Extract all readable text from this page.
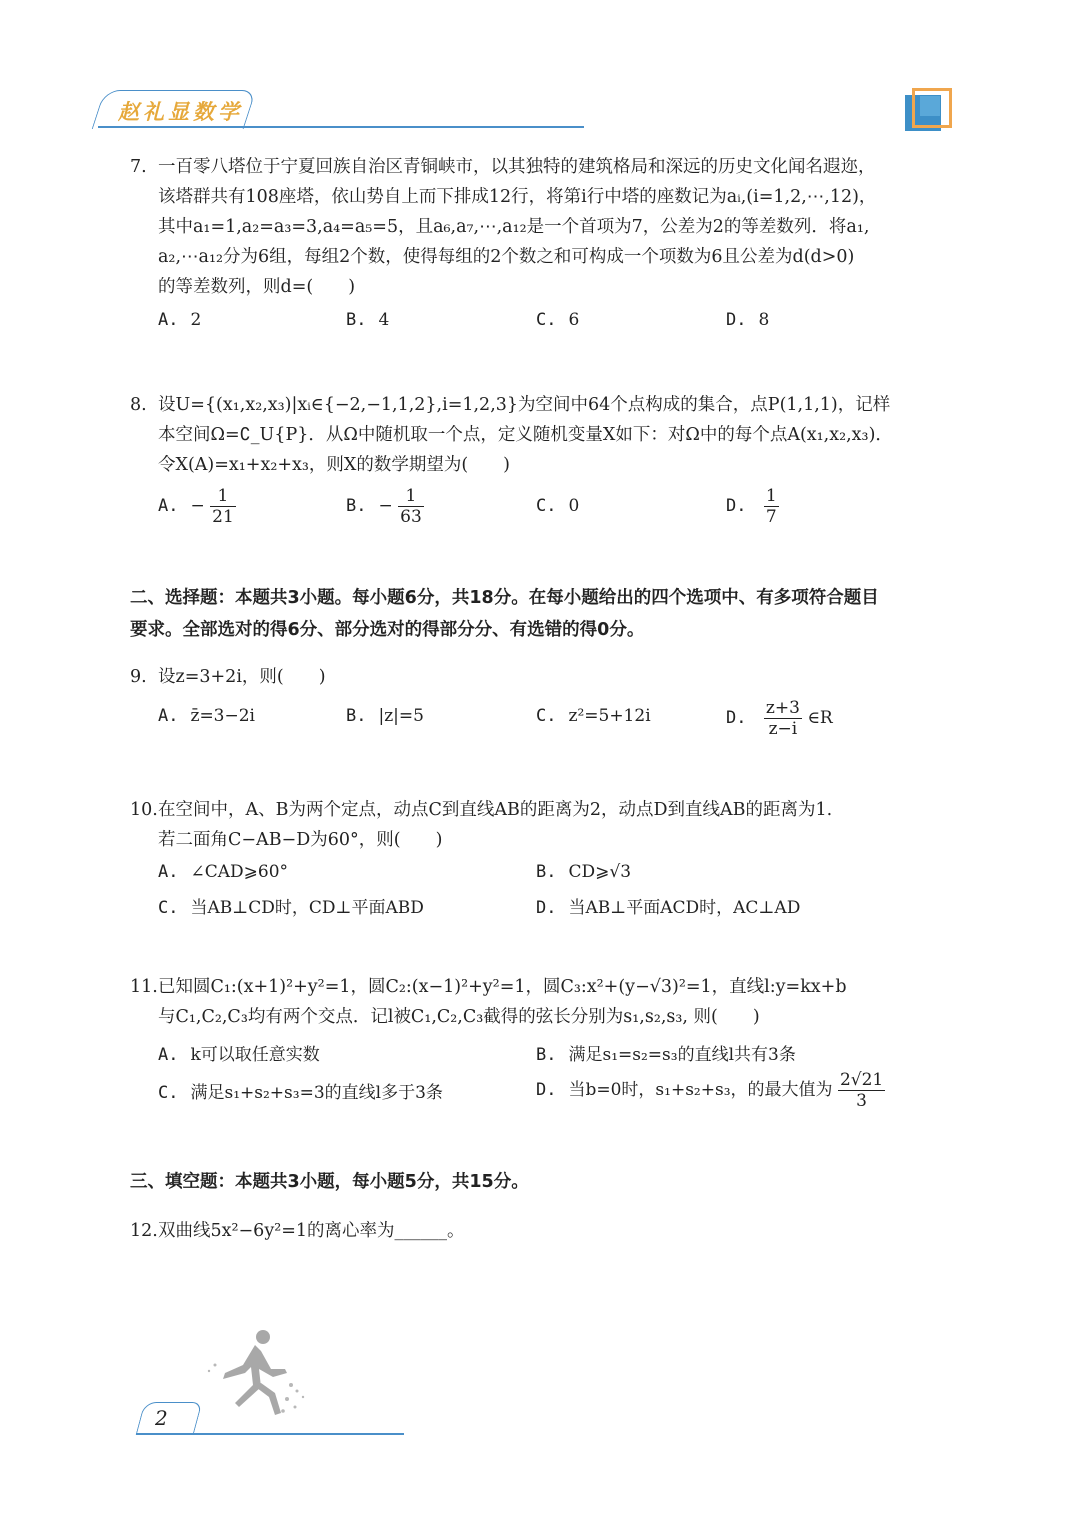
赵礼显数学
7. 一百零八塔位于宁夏回族自治区青铜峡市，以其独特的建筑格局和深远的历史文化闻名遐迩，
该塔群共有108座塔，依山势自上而下排成12行，将第i行中塔的座数记为aᵢ,(i=1,2,⋯,12)，
其中a₁=1,a₂=a₃=3,a₄=a₅=5，且a₆,a₇,⋯,a₁₂是一个首项为7，公差为2的等差数列．将a₁,
a₂,⋯a₁₂分为6组，每组2个数，使得每组的2个数之和可构成一个项数为6且公差为d(d>0)
的等差数列，则d=(　　)
A. 2	B. 4	C. 6	D. 8
8. 设U={(x₁,x₂,x₃)|xᵢ∈{−2,−1,1,2},i=1,2,3}为空间中64个点构成的集合，点P(1,1,1)，记样
本空间Ω=∁_U{P}．从Ω中随机取一个点，定义随机变量X如下：对Ω中的每个点A(x₁,x₂,x₃)．
令X(A)=x₁+x₂+x₃，则X的数学期望为(　　)
A. − $\frac{1}{21}$	B. − $\frac{1}{63}$	C. 0	D. $\frac{1}{7}$
二、选择题：本题共3小题。每小题6分，共18分。在每小题给出的四个选项中、有多项符合题目
要求。全部选对的得6分、部分选对的得部分分、有选错的得0分。
9. 设z=3+2i，则(　　)
A. z̄=3−2i	B. |z|=5	C. z²=5+12i	D. $\frac{z+3}{z-i}$ ∈R
10.在空间中，A、B为两个定点，动点C到直线AB的距离为2，动点D到直线AB的距离为1.
若二面角C−AB−D为60°，则(　　)
A. ∠CAD⩾60°	B. CD⩾√3
C. 当AB⊥CD时，CD⊥平面ABD	D. 当AB⊥平面ACD时，AC⊥AD
11.已知圆C₁:(x+1)²+y²=1，圆C₂:(x−1)²+y²=1，圆C₃:x²+(y−√3)²=1，直线l:y=kx+b
与C₁,C₂,C₃均有两个交点．记l被C₁,C₂,C₃截得的弦长分别为s₁,s₂,s₃, 则(　　)
A. k可以取任意实数	B. 满足s₁=s₂=s₃的直线l共有3条
C. 满足s₁+s₂+s₃=3的直线l多于3条	D. 当b=0时，s₁+s₂+s₃，的最大值为 $\frac{2√21}{3}$
三、填空题：本题共3小题，每小题5分，共15分。
12.双曲线5x²−6y²=1的离心率为______。
2
